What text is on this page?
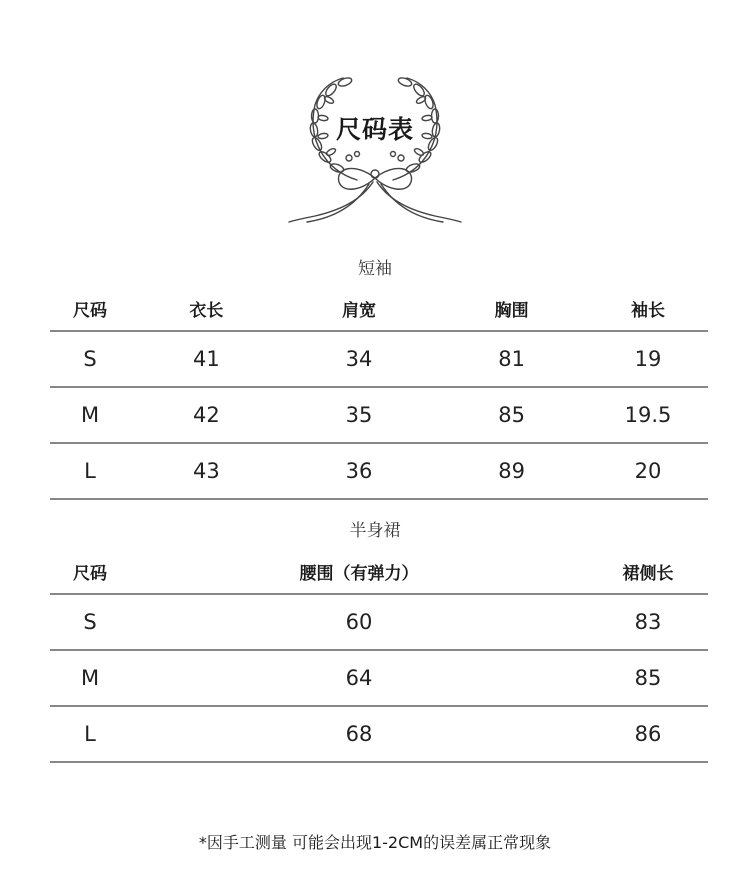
尺码表
短袖
尺码	衣长	肩宽	胸围	袖长
S	41	34	81	19
M	42	35	85	19.5
L	43	36	89	20
半身裙
尺码	腰围（有弹力）	裙侧长
S	60	83
M	64	85
L	68	86
*因手工测量 可能会出现1-2CM的误差属正常现象
